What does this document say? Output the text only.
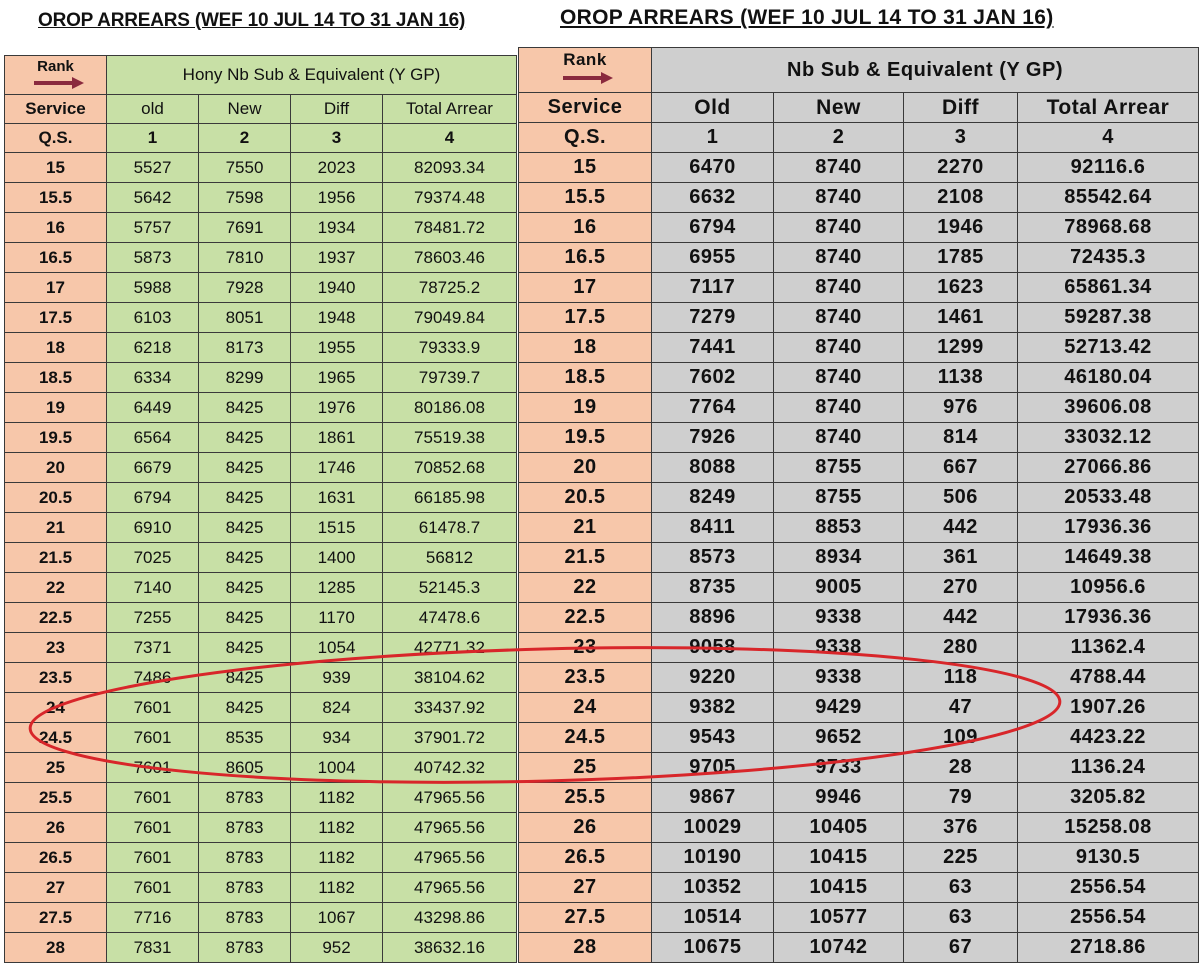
OROP ARREARS (WEF 10 JUL 14 TO 31 JAN 16)	OROP ARREARS (WEF 10 JUL 14 TO 31 JAN 16)
Rank	Hony Nb Sub & Equivalent (Y GP)			
Service	old	New	Diff	Total Arrear
Q.S.	1	2	3	4
15	5527	7550	2023	82093.34
15.5	5642	7598	1956	79374.48
16	5757	7691	1934	78481.72
16.5	5873	7810	1937	78603.46
17	5988	7928	1940	78725.2
17.5	6103	8051	1948	79049.84
18	6218	8173	1955	79333.9
18.5	6334	8299	1965	79739.7
19	6449	8425	1976	80186.08
19.5	6564	8425	1861	75519.38
20	6679	8425	1746	70852.68
20.5	6794	8425	1631	66185.98
21	6910	8425	1515	61478.7
21.5	7025	8425	1400	56812
22	7140	8425	1285	52145.3
22.5	7255	8425	1170	47478.6
23	7371	8425	1054	42771.32
23.5	7486	8425	939	38104.62
24	7601	8425	824	33437.92
24.5	7601	8535	934	37901.72
25	7601	8605	1004	40742.32
25.5	7601	8783	1182	47965.56
26	7601	8783	1182	47965.56
26.5	7601	8783	1182	47965.56
27	7601	8783	1182	47965.56
27.5	7716	8783	1067	43298.86
28	7831	8783	952	38632.16
Rank	Nb Sub & Equivalent (Y GP)			
Service	Old	New	Diff	Total Arrear
Q.S.	1	2	3	4
15	6470	8740	2270	92116.6
15.5	6632	8740	2108	85542.64
16	6794	8740	1946	78968.68
16.5	6955	8740	1785	72435.3
17	7117	8740	1623	65861.34
17.5	7279	8740	1461	59287.38
18	7441	8740	1299	52713.42
18.5	7602	8740	1138	46180.04
19	7764	8740	976	39606.08
19.5	7926	8740	814	33032.12
20	8088	8755	667	27066.86
20.5	8249	8755	506	20533.48
21	8411	8853	442	17936.36
21.5	8573	8934	361	14649.38
22	8735	9005	270	10956.6
22.5	8896	9338	442	17936.36
23	9058	9338	280	11362.4
23.5	9220	9338	118	4788.44
24	9382	9429	47	1907.26
24.5	9543	9652	109	4423.22
25	9705	9733	28	1136.24
25.5	9867	9946	79	3205.82
26	10029	10405	376	15258.08
26.5	10190	10415	225	9130.5
27	10352	10415	63	2556.54
27.5	10514	10577	63	2556.54
28	10675	10742	67	2718.86
